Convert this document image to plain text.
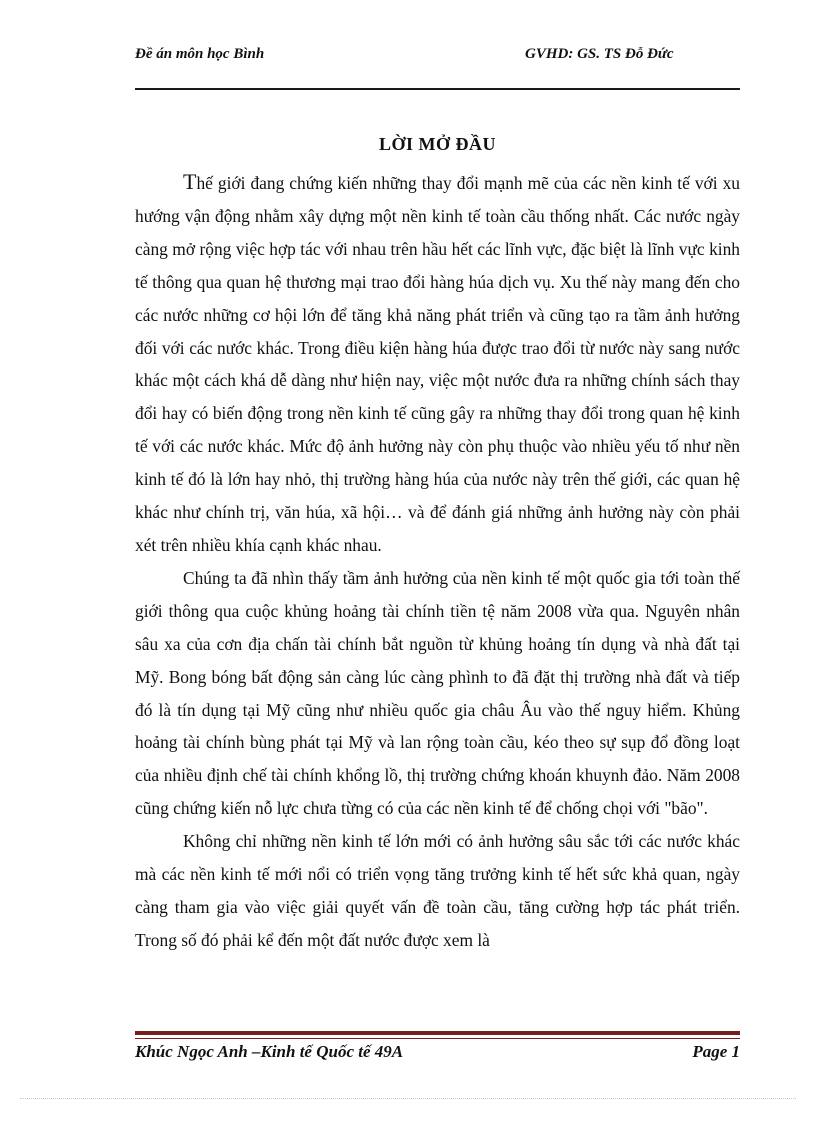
Đề án môn học Bình	GVHD: GS. TS Đỗ Đức
LỜI MỞ ĐẦU

Thế giới đang chứng kiến những thay đổi mạnh mẽ của các nền kinh tế với xu hướng vận động nhằm xây dựng một nền kinh tế toàn cầu thống nhất. Các nước ngày càng mở rộng việc hợp tác với nhau trên hầu hết các lĩnh vực, đặc biệt là lĩnh vực kinh tế thông qua quan hệ thương mại trao đổi hàng húa dịch vụ. Xu thế này mang đến cho các nước những cơ hội lớn để tăng khả năng phát triển và cũng tạo ra tầm ảnh hưởng đối với các nước khác. Trong điều kiện hàng húa được trao đổi từ nước này sang nước khác một cách khá dễ dàng như hiện nay, việc một nước đưa ra những chính sách thay đổi hay có biến động trong nền kinh tế cũng gây ra những thay đổi trong quan hệ kinh tế với các nước khác. Mức độ ảnh hưởng này còn phụ thuộc vào nhiều yếu tố như nền kinh tế đó là lớn hay nhỏ, thị trường hàng húa của nước này trên thế giới, các quan hệ khác như chính trị, văn húa, xã hội… và để đánh giá những ảnh hưởng này còn phải xét trên nhiều khía cạnh khác nhau.

Chúng ta đã nhìn thấy tầm ảnh hưởng của nền kinh tế một quốc gia tới toàn thế giới thông qua cuộc khủng hoảng tài chính tiền tệ năm 2008 vừa qua. Nguyên nhân sâu xa của cơn địa chấn tài chính bắt nguồn từ khủng hoảng tín dụng và nhà đất tại Mỹ. Bong bóng bất động sản càng lúc càng phình to đã đặt thị trường nhà đất và tiếp đó là tín dụng tại Mỹ cũng như nhiều quốc gia châu Âu vào thế nguy hiểm. Khủng hoảng tài chính bùng phát tại Mỹ và lan rộng toàn cầu, kéo theo sự sụp đổ đồng loạt của nhiều định chế tài chính khổng lồ, thị trường chứng khoán khuynh đảo. Năm 2008 cũng chứng kiến nỗ lực chưa từng có của các nền kinh tế để chống chọi với "bão".

Không chỉ những nền kinh tế lớn mới có ảnh hưởng sâu sắc tới các nước khác mà các nền kinh tế mới nổi có triển vọng tăng trưởng kinh tế hết sức khả quan, ngày càng tham gia vào việc giải quyết vấn đề toàn cầu, tăng cường hợp tác phát triển. Trong số đó phải kể đến một đất nước được xem là

Khúc Ngọc Anh –Kinh tế Quốc tế 49A	Page 1
